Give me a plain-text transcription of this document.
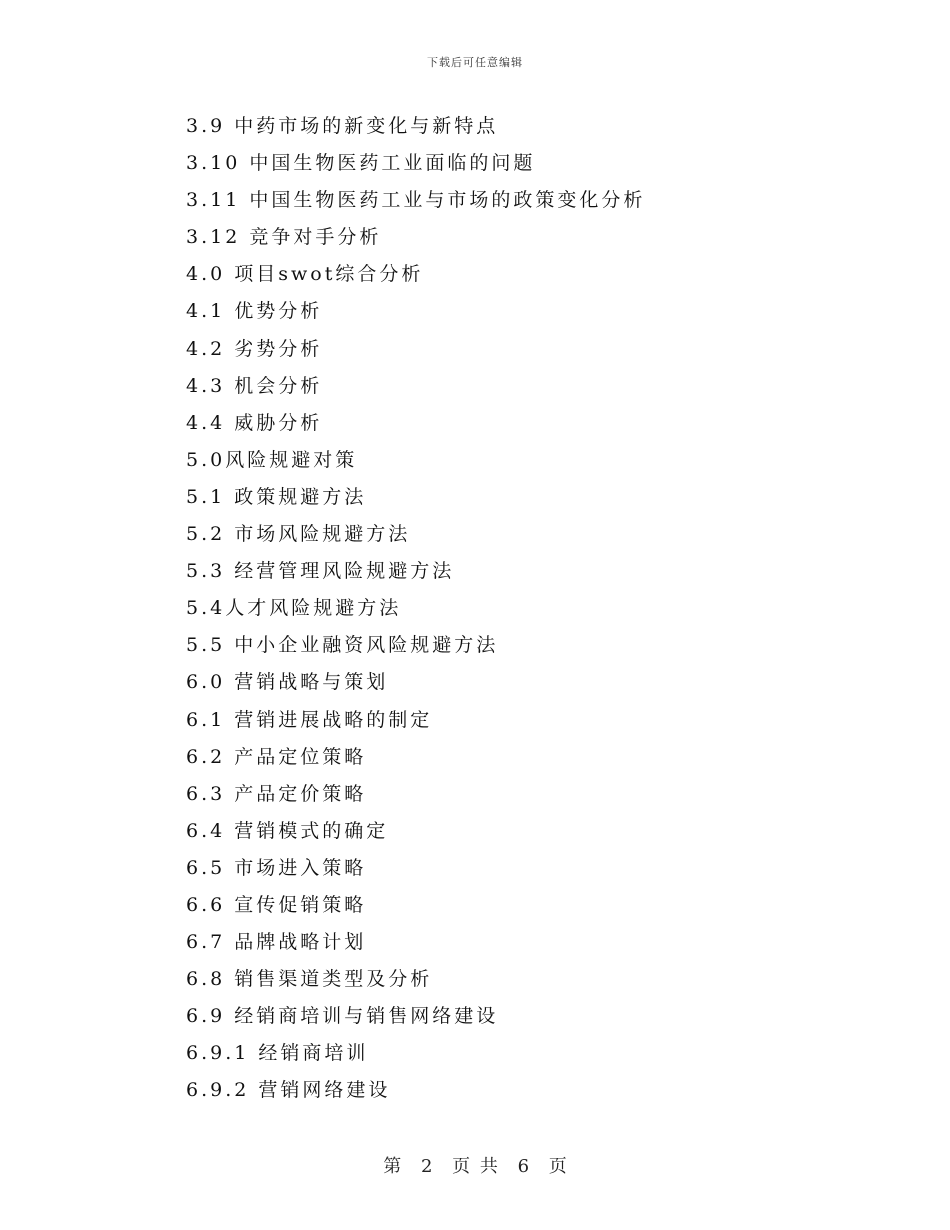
下载后可任意编辑
3.9 中药市场的新变化与新特点
3.10 中国生物医药工业面临的问题
3.11 中国生物医药工业与市场的政策变化分析
3.12 竞争对手分析
4.0 项目swot综合分析
4.1 优势分析
4.2 劣势分析
4.3 机会分析
4.4 威胁分析
5.0风险规避对策
5.1 政策规避方法
5.2 市场风险规避方法
5.3 经营管理风险规避方法
5.4人才风险规避方法
5.5 中小企业融资风险规避方法
6.0 营销战略与策划
6.1 营销进展战略的制定
6.2 产品定位策略
6.3 产品定价策略
6.4 营销模式的确定
6.5 市场进入策略
6.6 宣传促销策略
6.7 品牌战略计划
6.8 销售渠道类型及分析
6.9 经销商培训与销售网络建设
6.9.1 经销商培训
6.9.2 营销网络建设
第 2 页 共 6 页
